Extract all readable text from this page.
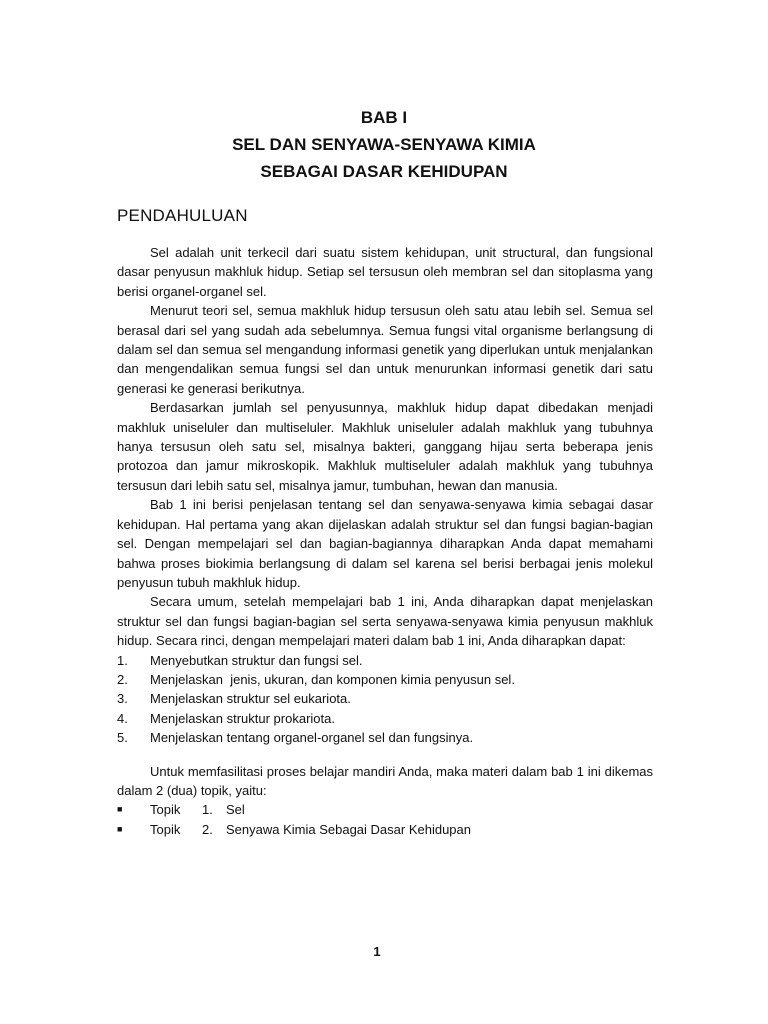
BAB I
SEL DAN SENYAWA-SENYAWA KIMIA
SEBAGAI DASAR KEHIDUPAN
PENDAHULUAN

Sel adalah unit terkecil dari suatu sistem kehidupan, unit structural, dan fungsional dasar penyusun makhluk hidup. Setiap sel tersusun oleh membran sel dan sitoplasma yang berisi organel-organel sel.

Menurut teori sel, semua makhluk hidup tersusun oleh satu atau lebih sel. Semua sel berasal dari sel yang sudah ada sebelumnya. Semua fungsi vital organisme berlangsung di dalam sel dan semua sel mengandung informasi genetik yang diperlukan untuk menjalankan dan mengendalikan semua fungsi sel dan untuk menurunkan informasi genetik dari satu generasi ke generasi berikutnya.

Berdasarkan jumlah sel penyusunnya, makhluk hidup dapat dibedakan menjadi makhluk uniseluler dan multiseluler. Makhluk uniseluler adalah makhluk yang tubuhnya hanya tersusun oleh satu sel, misalnya bakteri, ganggang hijau serta beberapa jenis protozoa dan jamur mikroskopik. Makhluk multiseluler adalah makhluk yang tubuhnya tersusun dari lebih satu sel, misalnya jamur, tumbuhan, hewan dan manusia.

Bab 1 ini berisi penjelasan tentang sel dan senyawa-senyawa kimia sebagai dasar kehidupan. Hal pertama yang akan dijelaskan adalah struktur sel dan fungsi bagian-bagian sel. Dengan mempelajari sel dan bagian-bagiannya diharapkan Anda dapat memahami bahwa proses biokimia berlangsung di dalam sel karena sel berisi berbagai jenis molekul penyusun tubuh makhluk hidup.

Secara umum, setelah mempelajari bab 1 ini, Anda diharapkan dapat menjelaskan struktur sel dan fungsi bagian-bagian sel serta senyawa-senyawa kimia penyusun makhluk hidup. Secara rinci, dengan mempelajari materi dalam bab 1 ini, Anda diharapkan dapat:

1.	Menyebutkan struktur dan fungsi sel.
2.	Menjelaskan  jenis, ukuran, dan komponen kimia penyusun sel.
3.	Menjelaskan struktur sel eukariota.
4.	Menjelaskan struktur prokariota.
5.	Menjelaskan tentang organel-organel sel dan fungsinya.

Untuk memfasilitasi proses belajar mandiri Anda, maka materi dalam bab 1 ini dikemas dalam 2 (dua) topik, yaitu:

■	Topik	1.	Sel
■	Topik	2.	Senyawa Kimia Sebagai Dasar Kehidupan
1
